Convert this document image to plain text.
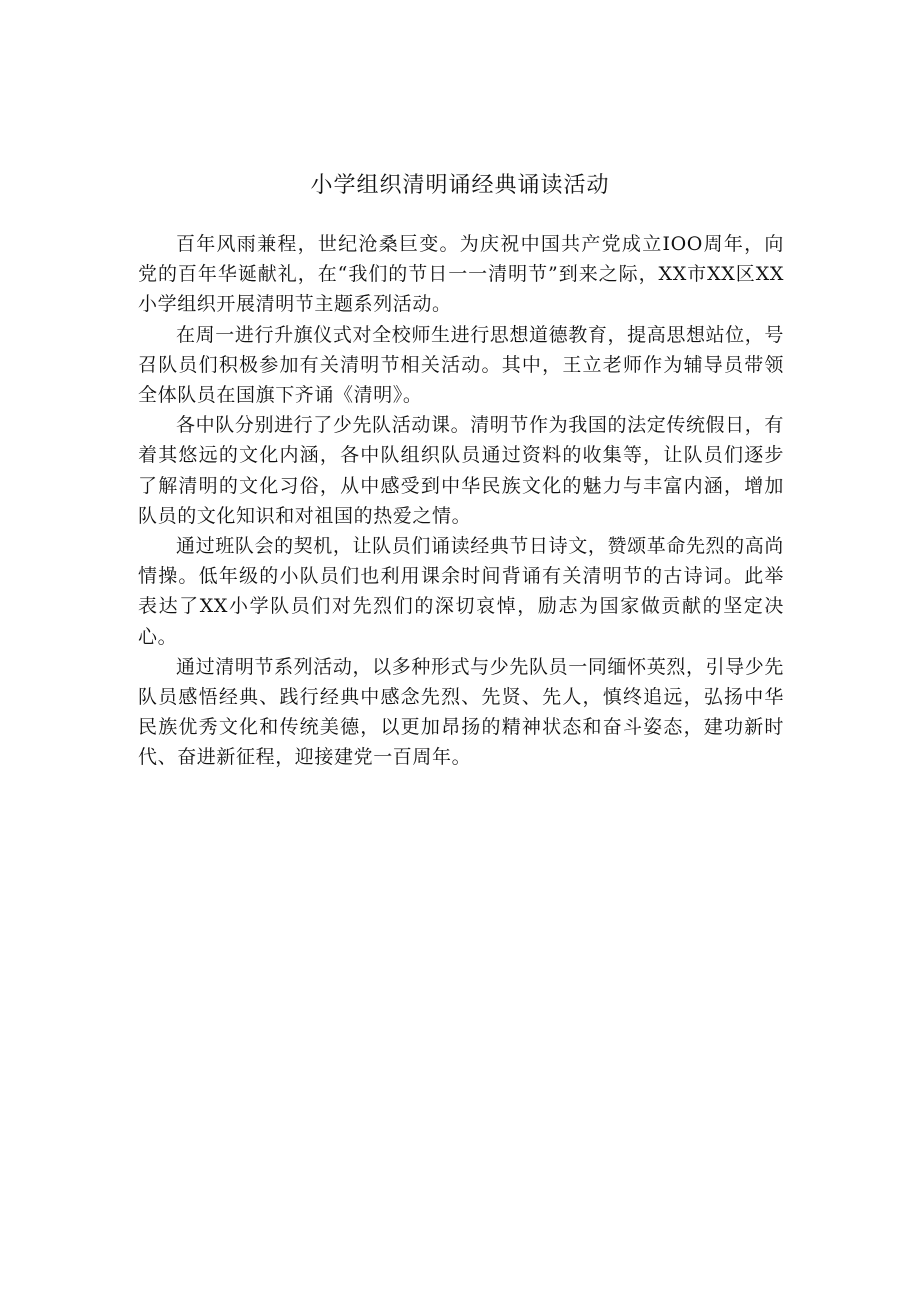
小学组织清明诵经典诵读活动

百年风雨兼程，世纪沧桑巨变。为庆祝中国共产党成立IOO周年，向党的百年华诞献礼，在“我们的节日一一清明节”到来之际，XX市XX区XX小学组织开展清明节主题系列活动。

在周一进行升旗仪式对全校师生进行思想道德教育，提高思想站位，号召队员们积极参加有关清明节相关活动。其中，王立老师作为辅导员带领全体队员在国旗下齐诵《清明》。

各中队分别进行了少先队活动课。清明节作为我国的法定传统假日，有着其悠远的文化内涵，各中队组织队员通过资料的收集等，让队员们逐步了解清明的文化习俗，从中感受到中华民族文化的魅力与丰富内涵，增加队员的文化知识和对祖国的热爱之情。

通过班队会的契机，让队员们诵读经典节日诗文，赞颂革命先烈的高尚情操。低年级的小队员们也利用课余时间背诵有关清明节的古诗词。此举表达了XX小学队员们对先烈们的深切哀悼，励志为国家做贡献的坚定决心。

通过清明节系列活动，以多种形式与少先队员一同缅怀英烈，引导少先队员感悟经典、践行经典中感念先烈、先贤、先人，慎终追远，弘扬中华民族优秀文化和传统美德，以更加昂扬的精神状态和奋斗姿态，建功新时代、奋进新征程，迎接建党一百周年。
